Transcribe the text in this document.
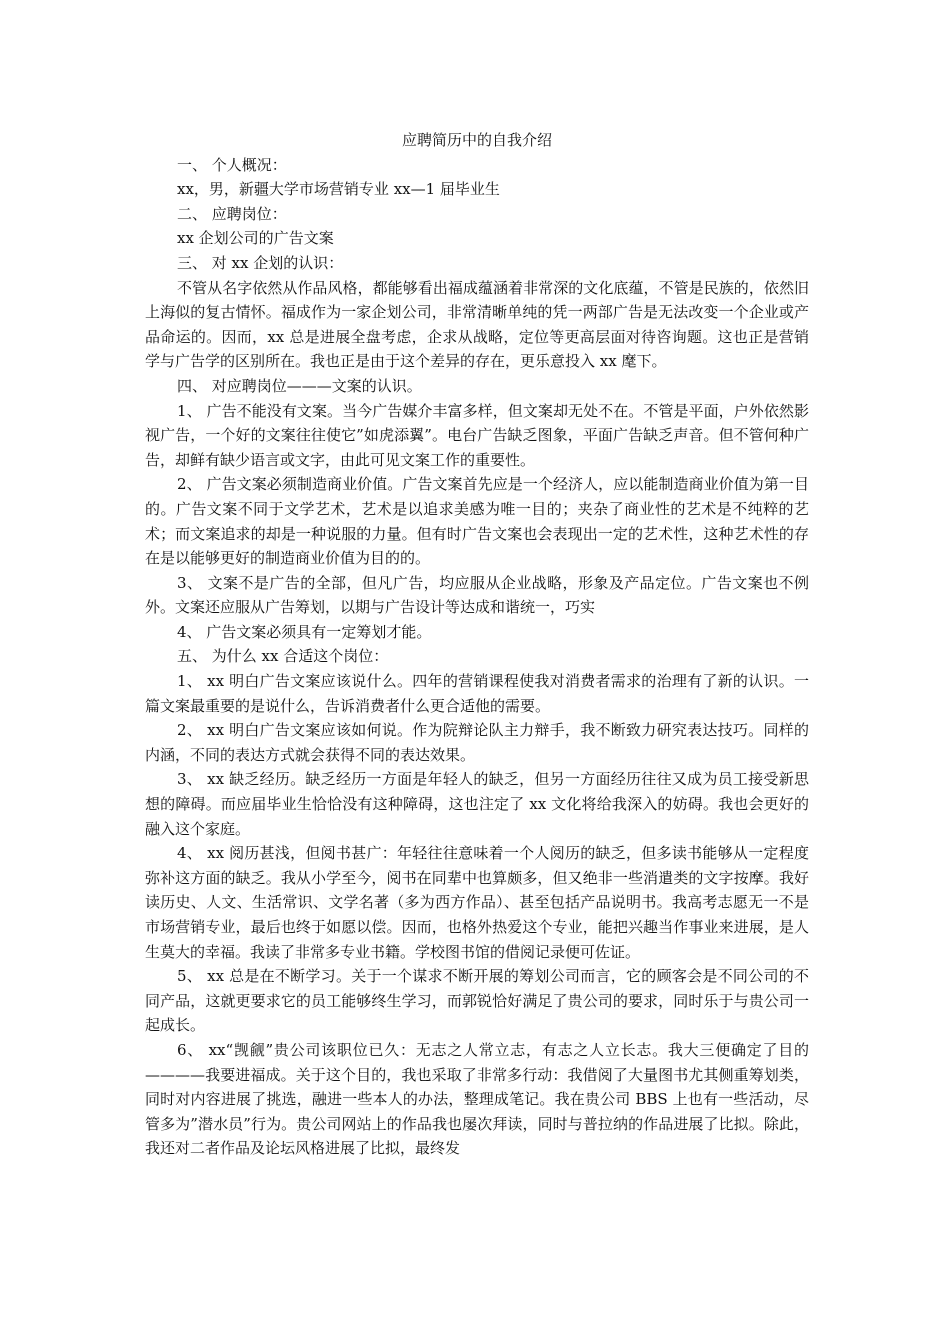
应聘简历中的自我介绍

一、 个人概况：

xx，男，新疆大学市场营销专业 xx—1 届毕业生

二、 应聘岗位：

xx 企划公司的广告文案

三、 对 xx 企划的认识：

不管从名字依然从作品风格，都能够看出福成蕴涵着非常深的文化底蕴，不管是民族的，依然旧上海似的复古情怀。福成作为一家企划公司，非常清晰单纯的凭一两部广告是无法改变一个企业或产品命运的。因而，xx 总是进展全盘考虑，企求从战略，定位等更高层面对待咨询题。这也正是营销学与广告学的区别所在。我也正是由于这个差异的存在，更乐意投入 xx 麾下。

四、 对应聘岗位———文案的认识。

1、 广告不能没有文案。当今广告媒介丰富多样，但文案却无处不在。不管是平面，户外依然影视广告，一个好的文案往往使它”如虎添翼”。电台广告缺乏图象，平面广告缺乏声音。但不管何种广告，却鲜有缺少语言或文字，由此可见文案工作的重要性。

2、 广告文案必须制造商业价值。广告文案首先应是一个经济人，应以能制造商业价值为第一目的。广告文案不同于文学艺术，艺术是以追求美感为唯一目的；夹杂了商业性的艺术是不纯粹的艺术；而文案追求的却是一种说服的力量。但有时广告文案也会表现出一定的艺术性，这种艺术性的存在是以能够更好的制造商业价值为目的的。

3、 文案不是广告的全部，但凡广告，均应服从企业战略，形象及产品定位。广告文案也不例外。文案还应服从广告筹划，以期与广告设计等达成和谐统一，巧实

4、 广告文案必须具有一定筹划才能。

五、 为什么 xx 合适这个岗位：

1、 xx 明白广告文案应该说什么。四年的营销课程使我对消费者需求的治理有了新的认识。一篇文案最重要的是说什么，告诉消费者什么更合适他的需要。

2、 xx 明白广告文案应该如何说。作为院辩论队主力辩手，我不断致力研究表达技巧。同样的内涵，不同的表达方式就会获得不同的表达效果。

3、 xx 缺乏经历。缺乏经历一方面是年轻人的缺乏，但另一方面经历往往又成为员工接受新思想的障碍。而应届毕业生恰恰没有这种障碍，这也注定了 xx 文化将给我深入的妨碍。我也会更好的融入这个家庭。

4、 xx 阅历甚浅，但阅书甚广：年轻往往意味着一个人阅历的缺乏，但多读书能够从一定程度弥补这方面的缺乏。我从小学至今，阅书在同辈中也算颇多，但又绝非一些消遣类的文字按摩。我好读历史、人文、生活常识、文学名著（多为西方作品）、甚至包括产品说明书。我高考志愿无一不是市场营销专业，最后也终于如愿以偿。因而，也格外热爱这个专业，能把兴趣当作事业来进展，是人生莫大的幸福。我读了非常多专业书籍。学校图书馆的借阅记录便可佐证。

5、 xx 总是在不断学习。关于一个谋求不断开展的筹划公司而言，它的顾客会是不同公司的不同产品，这就更要求它的员工能够终生学习，而郭锐恰好满足了贵公司的要求，同时乐于与贵公司一起成长。

6、 xx“觊觎”贵公司该职位已久：无志之人常立志，有志之人立长志。我大三便确定了目的————我要进福成。关于这个目的，我也采取了非常多行动：我借阅了大量图书尤其侧重筹划类，同时对内容进展了挑选，融进一些本人的办法，整理成笔记。我在贵公司 BBS 上也有一些活动，尽管多为”潜水员”行为。贵公司网站上的作品我也屡次拜读，同时与普拉纳的作品进展了比拟。除此，我还对二者作品及论坛风格进展了比拟，最终发
